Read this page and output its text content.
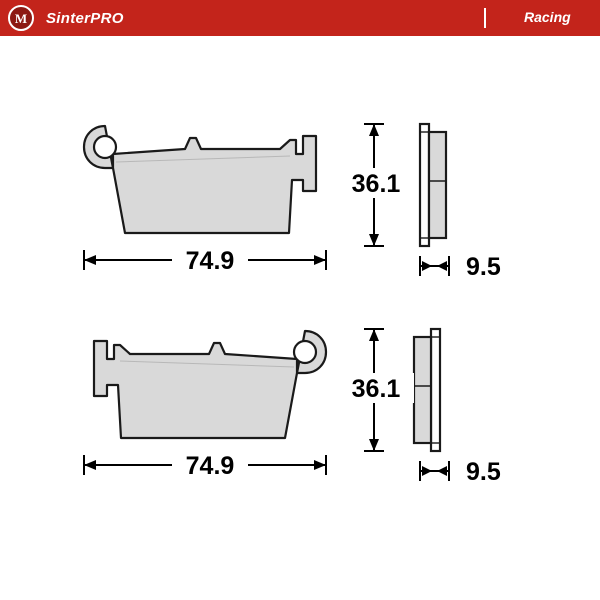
M	SinterPRO	Racing
74.9
36.1
9.5
74.9
36.1
9.5
